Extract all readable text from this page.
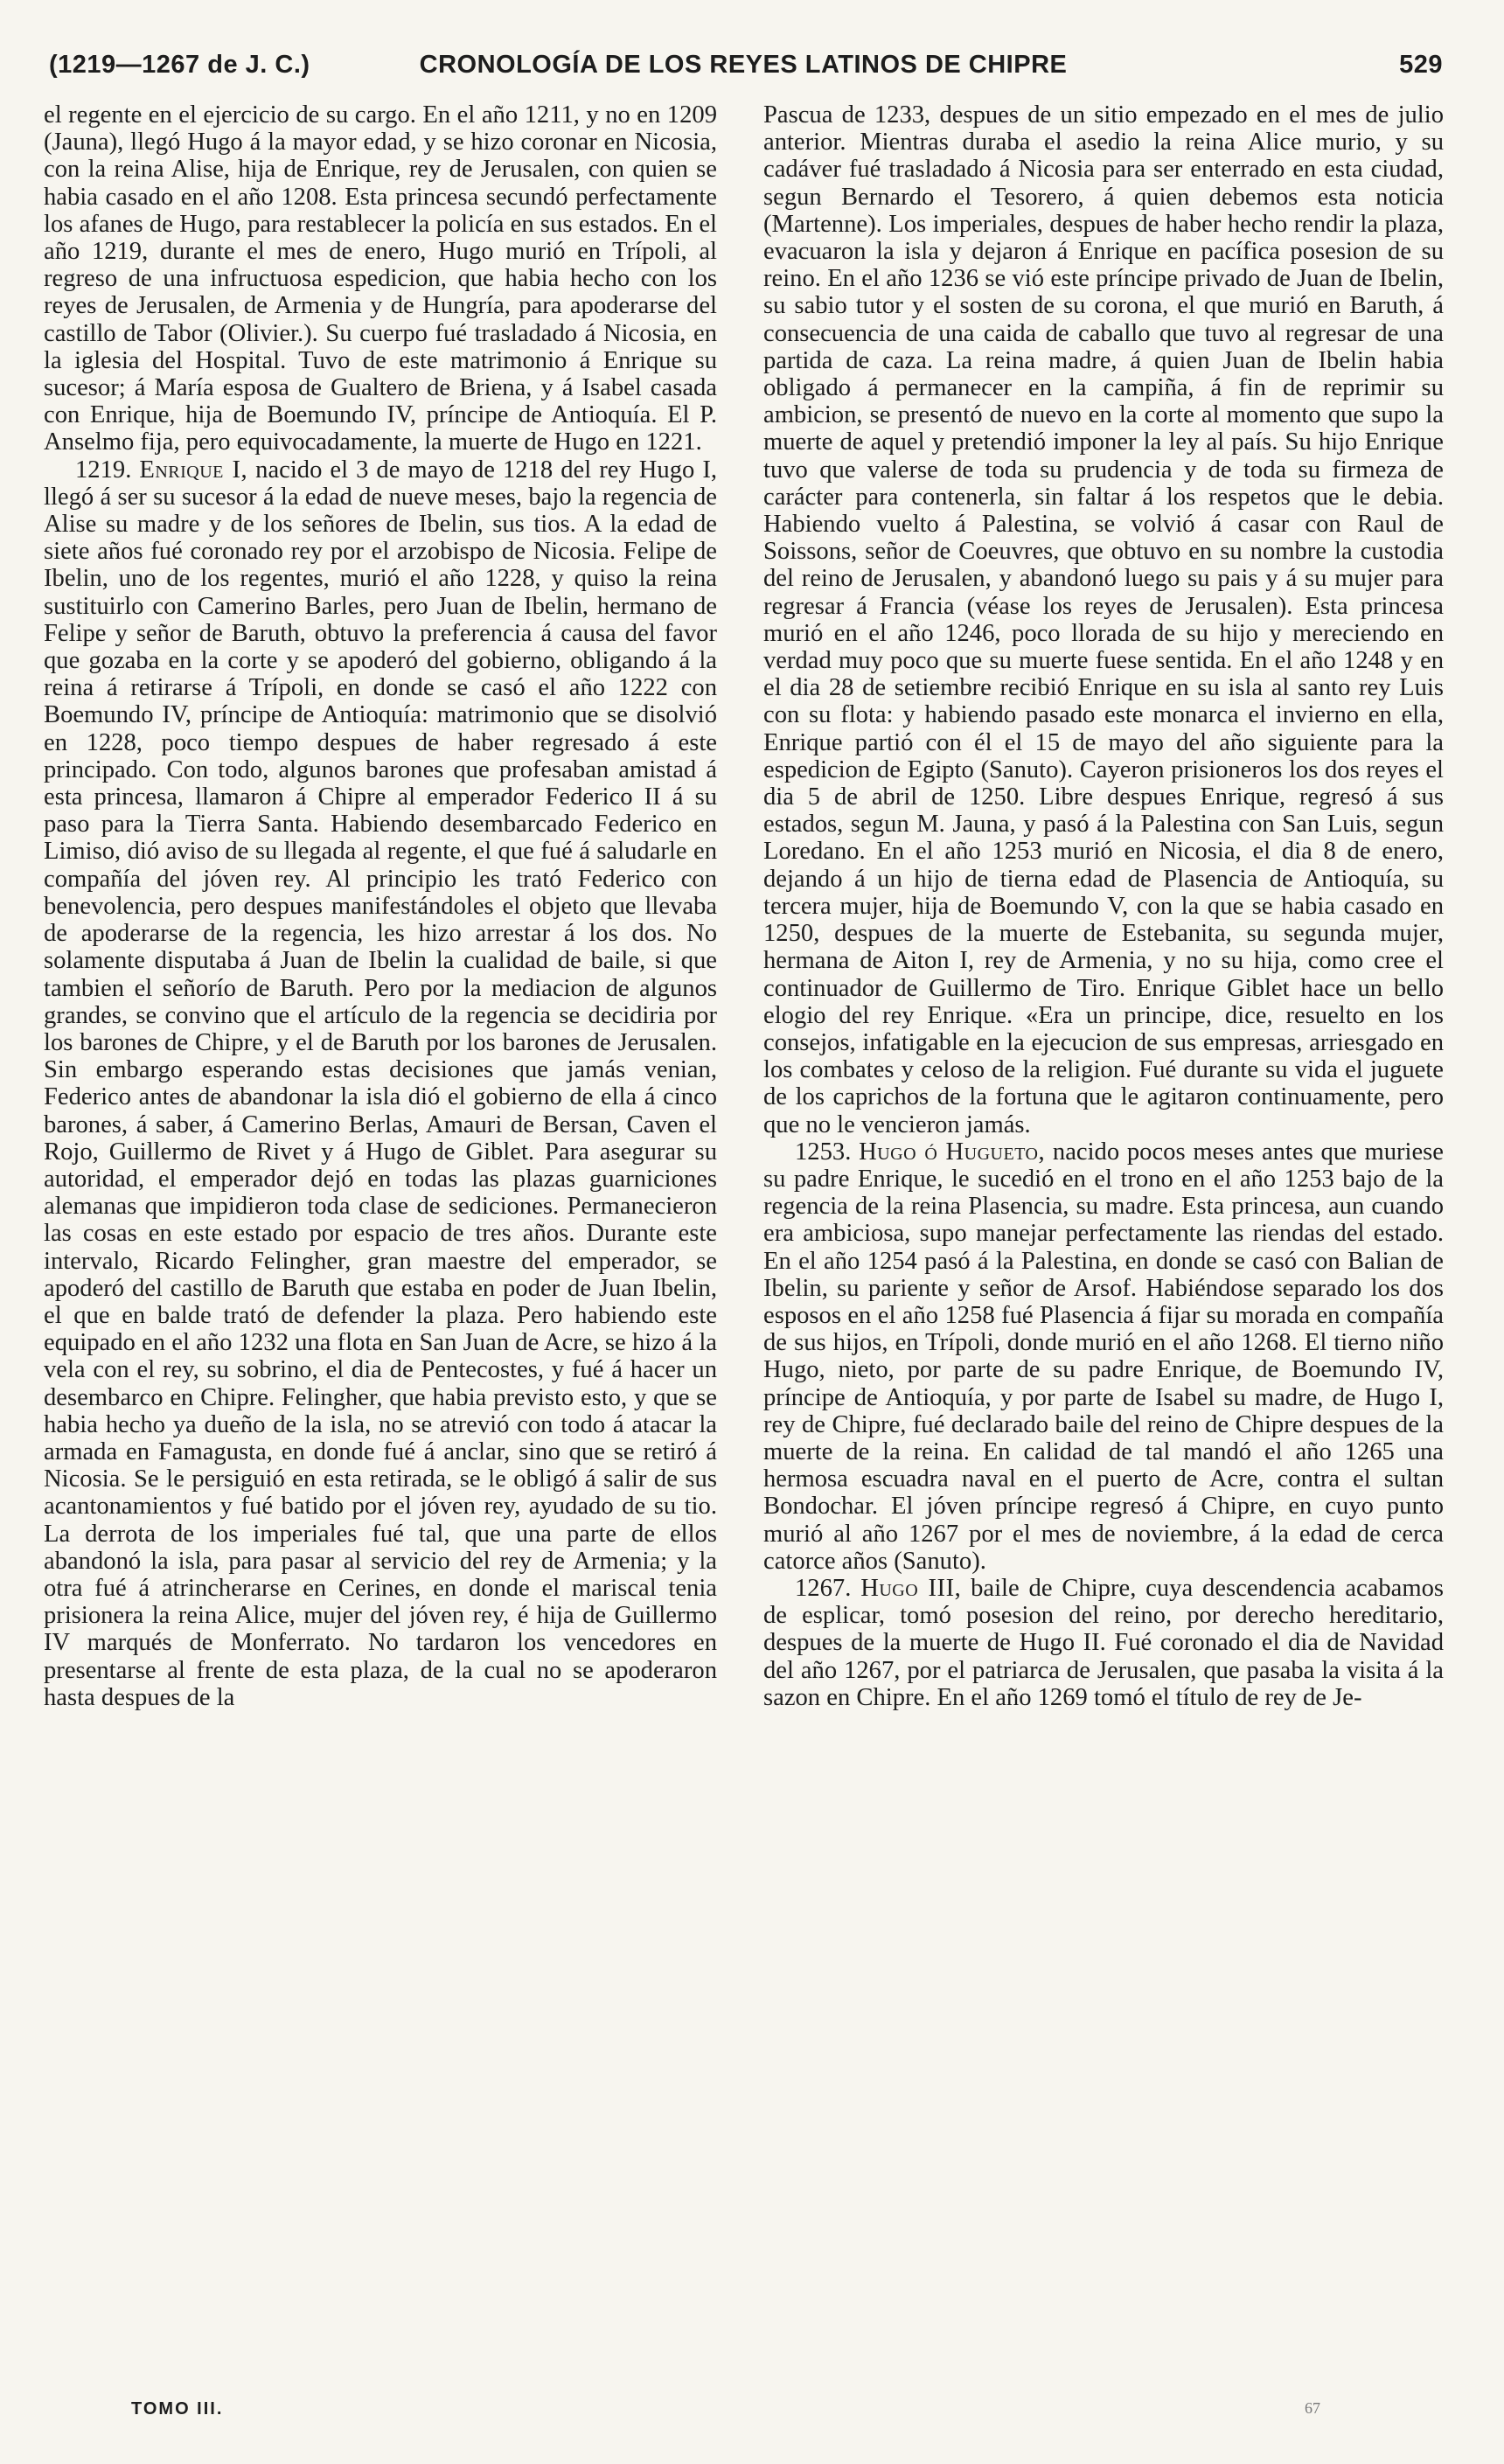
(1219—1267 de J. C.)	CRONOLOGÍA DE LOS REYES LATINOS DE CHIPRE	529

el regente en el ejercicio de su cargo. En el año 1211, y no en 1209 (Jauna), llegó Hugo á la mayor edad, y se hizo coronar en Nicosia, con la reina Alise, hija de Enrique, rey de Jerusalen, con quien se habia casado en el año 1208. Esta princesa secundó perfectamente los afanes de Hugo, para restablecer la policía en sus estados. En el año 1219, durante el mes de enero, Hugo murió en Trípoli, al regreso de una infructuosa espedicion, que habia hecho con los reyes de Jerusalen, de Armenia y de Hungría, para apoderarse del castillo de Tabor (Olivier.). Su cuerpo fué trasladado á Nicosia, en la iglesia del Hospital. Tuvo de este matrimonio á Enrique su sucesor; á María esposa de Gualtero de Briena, y á Isabel casada con Enrique, hija de Boemundo IV, príncipe de Antioquía. El P. Anselmo fija, pero equivocadamente, la muerte de Hugo en 1221.

1219. Enrique I, nacido el 3 de mayo de 1218 del rey Hugo I, llegó á ser su sucesor á la edad de nueve meses, bajo la regencia de Alise su madre y de los señores de Ibelin, sus tios. A la edad de siete años fué coronado rey por el arzobispo de Nicosia. Felipe de Ibelin, uno de los regentes, murió el año 1228, y quiso la reina sustituirlo con Camerino Barles, pero Juan de Ibelin, hermano de Felipe y señor de Baruth, obtuvo la preferencia á causa del favor que gozaba en la corte y se apoderó del gobierno, obligando á la reina á retirarse á Trípoli, en donde se casó el año 1222 con Boemundo IV, príncipe de Antioquía: matrimonio que se disolvió en 1228, poco tiempo despues de haber regresado á este principado. Con todo, algunos barones que profesaban amistad á esta princesa, llamaron á Chipre al emperador Federico II á su paso para la Tierra Santa. Habiendo desembarcado Federico en Limiso, dió aviso de su llegada al regente, el que fué á saludarle en compañía del jóven rey. Al principio les trató Federico con benevolencia, pero despues manifestándoles el objeto que llevaba de apoderarse de la regencia, les hizo arrestar á los dos. No solamente disputaba á Juan de Ibelin la cualidad de baile, si que tambien el señorío de Baruth. Pero por la mediacion de algunos grandes, se convino que el artículo de la regencia se decidiria por los barones de Chipre, y el de Baruth por los barones de Jerusalen. Sin embargo esperando estas decisiones que jamás venian, Federico antes de abandonar la isla dió el gobierno de ella á cinco barones, á saber, á Camerino Berlas, Amauri de Bersan, Caven el Rojo, Guillermo de Rivet y á Hugo de Giblet. Para asegurar su autoridad, el emperador dejó en todas las plazas guarniciones alemanas que impidieron toda clase de sediciones. Permanecieron las cosas en este estado por espacio de tres años. Durante este intervalo, Ricardo Felingher, gran maestre del emperador, se apoderó del castillo de Baruth que estaba en poder de Juan Ibelin, el que en balde trató de defender la plaza. Pero habiendo este equipado en el año 1232 una flota en San Juan de Acre, se hizo á la vela con el rey, su sobrino, el dia de Pentecostes, y fué á hacer un desembarco en Chipre. Felingher, que habia previsto esto, y que se habia hecho ya dueño de la isla, no se atrevió con todo á atacar la armada en Famagusta, en donde fué á anclar, sino que se retiró á Nicosia. Se le persiguió en esta retirada, se le obligó á salir de sus acantonamientos y fué batido por el jóven rey, ayudado de su tio. La derrota de los imperiales fué tal, que una parte de ellos abandonó la isla, para pasar al servicio del rey de Armenia; y la otra fué á atrincherarse en Cerines, en donde el mariscal tenia prisionera la reina Alice, mujer del jóven rey, é hija de Guillermo IV marqués de Monferrato. No tardaron los vencedores en presentarse al frente de esta plaza, de la cual no se apoderaron hasta despues de la

Pascua de 1233, despues de un sitio empezado en el mes de julio anterior. Mientras duraba el asedio la reina Alice murio, y su cadáver fué trasladado á Nicosia para ser enterrado en esta ciudad, segun Bernardo el Tesorero, á quien debemos esta noticia (Martenne). Los imperiales, despues de haber hecho rendir la plaza, evacuaron la isla y dejaron á Enrique en pacífica posesion de su reino. En el año 1236 se vió este príncipe privado de Juan de Ibelin, su sabio tutor y el sosten de su corona, el que murió en Baruth, á consecuencia de una caida de caballo que tuvo al regresar de una partida de caza. La reina madre, á quien Juan de Ibelin habia obligado á permanecer en la campiña, á fin de reprimir su ambicion, se presentó de nuevo en la corte al momento que supo la muerte de aquel y pretendió imponer la ley al país. Su hijo Enrique tuvo que valerse de toda su prudencia y de toda su firmeza de carácter para contenerla, sin faltar á los respetos que le debia. Habiendo vuelto á Palestina, se volvió á casar con Raul de Soissons, señor de Coeuvres, que obtuvo en su nombre la custodia del reino de Jerusalen, y abandonó luego su pais y á su mujer para regresar á Francia (véase los reyes de Jerusalen). Esta princesa murió en el año 1246, poco llorada de su hijo y mereciendo en verdad muy poco que su muerte fuese sentida. En el año 1248 y en el dia 28 de setiembre recibió Enrique en su isla al santo rey Luis con su flota: y habiendo pasado este monarca el invierno en ella, Enrique partió con él el 15 de mayo del año siguiente para la espedicion de Egipto (Sanuto). Cayeron prisioneros los dos reyes el dia 5 de abril de 1250. Libre despues Enrique, regresó á sus estados, segun M. Jauna, y pasó á la Palestina con San Luis, segun Loredano. En el año 1253 murió en Nicosia, el dia 8 de enero, dejando á un hijo de tierna edad de Plasencia de Antioquía, su tercera mujer, hija de Boemundo V, con la que se habia casado en 1250, despues de la muerte de Estebanita, su segunda mujer, hermana de Aiton I, rey de Armenia, y no su hija, como cree el continuador de Guillermo de Tiro. Enrique Giblet hace un bello elogio del rey Enrique. «Era un principe, dice, resuelto en los consejos, infatigable en la ejecucion de sus empresas, arriesgado en los combates y celoso de la religion. Fué durante su vida el juguete de los caprichos de la fortuna que le agitaron continuamente, pero que no le vencieron jamás.

1253. Hugo ó Hugueto, nacido pocos meses antes que muriese su padre Enrique, le sucedió en el trono en el año 1253 bajo de la regencia de la reina Plasencia, su madre. Esta princesa, aun cuando era ambiciosa, supo manejar perfectamente las riendas del estado. En el año 1254 pasó á la Palestina, en donde se casó con Balian de Ibelin, su pariente y señor de Arsof. Habiéndose separado los dos esposos en el año 1258 fué Plasencia á fijar su morada en compañía de sus hijos, en Trípoli, donde murió en el año 1268. El tierno niño Hugo, nieto, por parte de su padre Enrique, de Boemundo IV, príncipe de Antioquía, y por parte de Isabel su madre, de Hugo I, rey de Chipre, fué declarado baile del reino de Chipre despues de la muerte de la reina. En calidad de tal mandó el año 1265 una hermosa escuadra naval en el puerto de Acre, contra el sultan Bondochar. El jóven príncipe regresó á Chipre, en cuyo punto murió al año 1267 por el mes de noviembre, á la edad de cerca catorce años (Sanuto).

1267. Hugo III, baile de Chipre, cuya descendencia acabamos de esplicar, tomó posesion del reino, por derecho hereditario, despues de la muerte de Hugo II. Fué coronado el dia de Navidad del año 1267, por el patriarca de Jerusalen, que pasaba la visita á la sazon en Chipre. En el año 1269 tomó el título de rey de Je-

TOMO III.	67
